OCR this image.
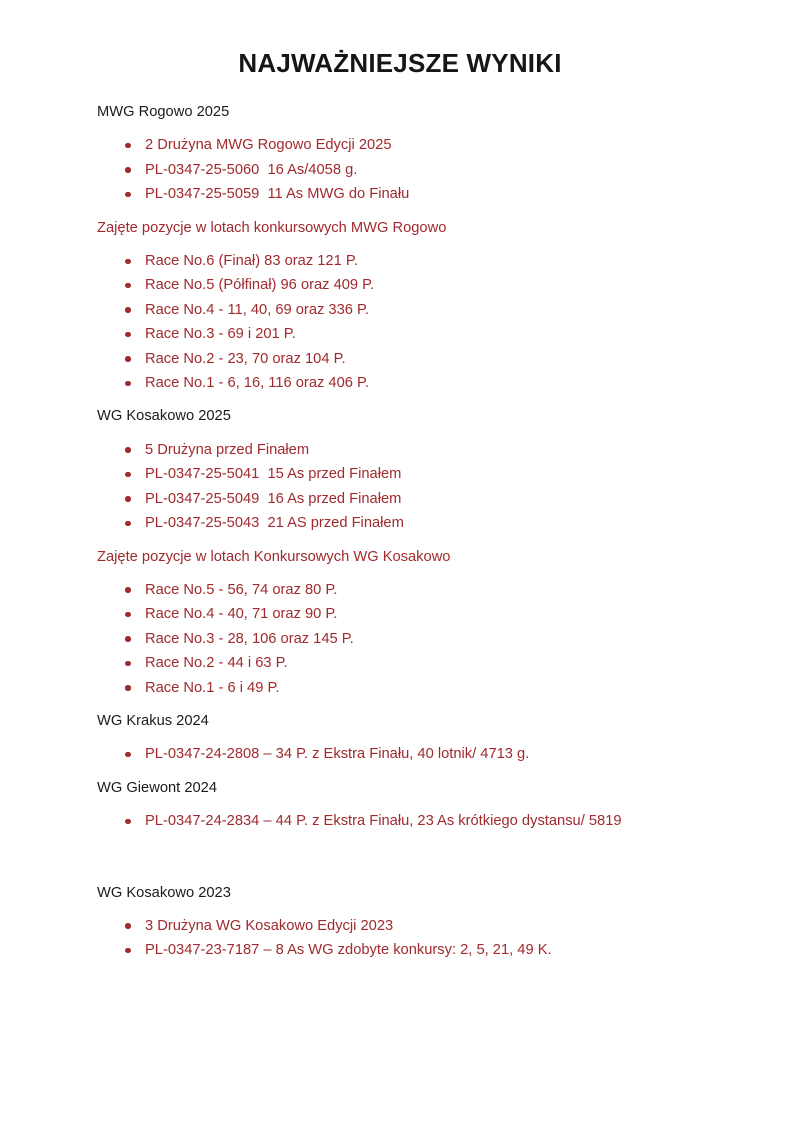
NAJWAŻNIEJSZE WYNIKI

MWG Rogowo 2025

2 Drużyna MWG Rogowo Edycji 2025
PL-0347-25-5060  16 As/4058 g.
PL-0347-25-5059  11 As MWG do Finału

Zajęte pozycje w lotach konkursowych MWG Rogowo

Race No.6 (Finał) 83 oraz 121 P.
Race No.5 (Półfinał) 96 oraz 409 P.
Race No.4 - 11, 40, 69 oraz 336 P.
Race No.3 - 69 i 201 P.
Race No.2 - 23, 70 oraz 104 P.
Race No.1 - 6, 16, 116 oraz 406 P.

WG Kosakowo 2025

5 Drużyna przed Finałem
PL-0347-25-5041  15 As przed Finałem
PL-0347-25-5049  16 As przed Finałem
PL-0347-25-5043  21 AS przed Finałem

Zajęte pozycje w lotach Konkursowych WG Kosakowo

Race No.5 - 56, 74 oraz 80 P.
Race No.4 - 40, 71 oraz 90 P.
Race No.3 - 28, 106 oraz 145 P.
Race No.2 - 44 i 63 P.
Race No.1 - 6 i 49 P.

WG Krakus 2024

PL-0347-24-2808 – 34 P. z Ekstra Finału, 40 lotnik/ 4713 g.

WG Giewont 2024

PL-0347-24-2834 – 44 P. z Ekstra Finału, 23 As krótkiego dystansu/ 5819

WG Kosakowo 2023

3 Drużyna WG Kosakowo Edycji 2023
PL-0347-23-7187 – 8 As WG zdobyte konkursy: 2, 5, 21, 49 K.
